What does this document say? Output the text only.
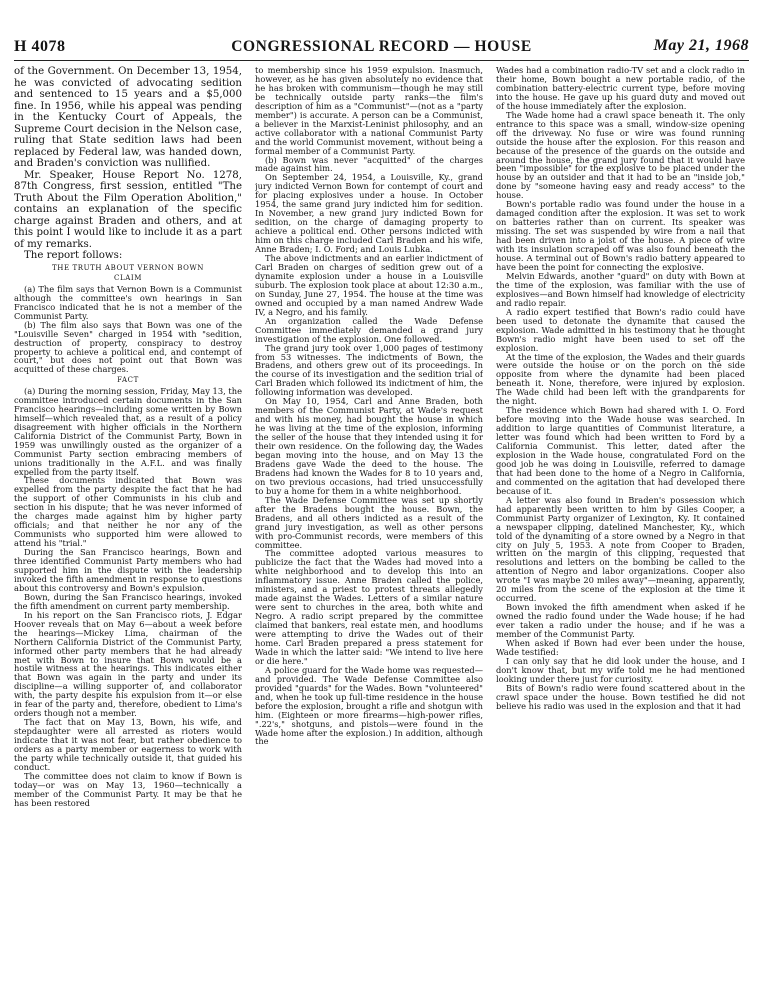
H 4078	CONGRESSIONAL RECORD — HOUSE	May 21, 1968

of the Government. On December 13, 1954, he was convicted of advocating sedition and sentenced to 15 years and a $5,000 fine. In 1956, while his appeal was pending in the Kentucky Court of Appeals, the Supreme Court decision in the Nelson case, ruling that State sedition laws had been replaced by Federal law, was handed down, and Braden's conviction was nullified.

Mr. Speaker, House Report No. 1278, 87th Congress, first session, entitled "The Truth About the Film Operation Abolition," contains an explanation of the specific charge against Braden and others, and at this point I would like to include it as a part of my remarks.

The report follows:

THE TRUTH ABOUT VERNON BOWN
CLAIM

(a) The film says that Vernon Bown is a Communist although the committee's own hearings in San Francisco indicated that he is not a member of the Communist Party.

(b) The film also says that Bown was one of the "Louisville Seven" charged in 1954 with "sedition, destruction of property, conspiracy to destroy property to achieve a political end, and contempt of court," but does not point out that Bown was acquitted of these charges.

FACT

(a) During the morning session, Friday, May 13, the committee introduced certain documents in the San Francisco hearings—including some written by Bown himself—which revealed that, as a result of a policy disagreement with higher officials in the Northern California District of the Communist Party, Bown in 1959 was unwillingly ousted as the organizer of a Communist Party section embracing members of unions traditionally in the A.F.L. and was finally expelled from the party itself.

These documents indicated that Bown was expelled from the party despite the fact that he had the support of other Communists in his club and section in his dispute; that he was never informed of the charges made against him by higher party officials; and that neither he nor any of the Communists who supported him were allowed to attend his "trial."

During the San Francisco hearings, Bown and three identified Communist Party members who had supported him in the dispute with the leadership invoked the fifth amendment in response to questions about this controversy and Bown's expulsion.

Bown, during the San Francisco hearings, invoked the fifth amendment on current party membership.

In his report on the San Francisco riots, J. Edgar Hoover reveals that on May 6—about a week before the hearings—Mickey Lima, chairman of the Northern California District of the Communist Party, informed other party members that he had already met with Bown to insure that Bown would be a hostile witness at the hearings. This indicates either that Bown was again in the party and under its discipline—a willing supporter of, and collaborator with, the party despite his expulsion from it—or else in fear of the party and, therefore, obedient to Lima's orders though not a member.

The fact that on May 13, Bown, his wife, and stepdaughter were all arrested as rioters would indicate that it was not fear, but rather obedience to orders as a party member or eagerness to work with the party while technically outside it, that guided his conduct.

The committee does not claim to know if Bown is today—or was on May 13, 1960—technically a member of the Communist Party. It may be that he has been restored

to membership since his 1959 expulsion. Inasmuch, however, as he has given absolutely no evidence that he has broken with communism—though he may still be technically outside party ranks—the film's description of him as a "Communist"—(not as a "party member") is accurate. A person can be a Communist, a believer in the Marxist-Leninist philosophy, and an active collaborator with a national Communist Party and the world Communist movement, without being a formal member of a Communist Party.

(b) Bown was never "acquitted" of the charges made against him.

On September 24, 1954, a Louisville, Ky., grand jury indicted Vernon Bown for contempt of court and for placing explosives under a house. In October 1954, the same grand jury indicted him for sedition. In November, a new grand jury indicted Bown for sedition, on the charge of damaging property to achieve a political end. Other persons indicted with him on this charge included Carl Braden and his wife, Anne Braden; I. O. Ford; and Louis Lubka.

The above indictments and an earlier indictment of Carl Braden on charges of sedition grew out of a dynamite explosion under a house in a Louisville suburb. The explosion took place at about 12:30 a.m., on Sunday, June 27, 1954. The house at the time was owned and occupied by a man named Andrew Wade IV, a Negro, and his family.

An organization called the Wade Defense Committee immediately demanded a grand jury investigation of the explosion. One followed.

The grand jury took over 1,000 pages of testimony from 53 witnesses. The indictments of Bown, the Bradens, and others grew out of its proceedings. In the course of its investigation and the sedition trial of Carl Braden which followed its indictment of him, the following information was developed.

On May 10, 1954, Carl and Anne Braden, both members of the Communist Party, at Wade's request and with his money, had bought the house in which he was living at the time of the explosion, informing the seller of the house that they intended using it for their own residence. On the following day, the Wades began moving into the house, and on May 13 the Bradens gave Wade the deed to the house. The Bradens had known the Wades for 8 to 10 years and, on two previous occasions, had tried unsuccessfully to buy a home for them in a white neighborhood.

The Wade Defense Committee was set up shortly after the Bradens bought the house. Bown, the Bradens, and all others indicted as a result of the grand jury investigation, as well as other persons with pro-Communist records, were members of this committee.

The committee adopted various measures to publicize the fact that the Wades had moved into a white neighborhood and to develop this into an inflammatory issue. Anne Braden called the police, ministers, and a priest to protest threats allegedly made against the Wades. Letters of a similar nature were sent to churches in the area, both white and Negro. A radio script prepared by the committee claimed that bankers, real estate men, and hoodlums were attempting to drive the Wades out of their home. Carl Braden prepared a press statement for Wade in which the latter said: "We intend to live here or die here."

A police guard for the Wade home was requested—and provided. The Wade Defense Committee also provided "guards" for the Wades. Bown "volunteered" and, when he took up full-time residence in the house before the explosion, brought a rifle and shotgun with him. (Eighteen or more firearms—high-power rifles, ".22's," shotguns, and pistols—were found in the Wade home after the explosion.) In addition, although the

Wades had a combination radio-TV set and a clock radio in their home, Bown bought a new portable radio, of the combination battery-electric current type, before moving into the house. He gave up his guard duty and moved out of the house immediately after the explosion.

The Wade home had a crawl space beneath it. The only entrance to this space was a small, window-size opening off the driveway. No fuse or wire was found running outside the house after the explosion. For this reason and because of the presence of the guards on the outside and around the house, the grand jury found that it would have been "impossible" for the explosive to be placed under the house by an outsider and that it had to be an "inside job," done by "someone having easy and ready access" to the house.

Bown's portable radio was found under the house in a damaged condition after the explosion. It was set to work on batteries rather than on current. Its speaker was missing. The set was suspended by wire from a nail that had been driven into a joist of the house. A piece of wire with its insulation scraped off was also found beneath the house. A terminal out of Bown's radio battery appeared to have been the point for connecting the explosive.

Melvin Edwards, another "guard" on duty with Bown at the time of the explosion, was familiar with the use of explosives—and Bown himself had knowledge of electricity and radio repair.

A radio expert testified that Bown's radio could have been used to detonate the dynamite that caused the explosion. Wade admitted in his testimony that he thought Bown's radio might have been used to set off the explosion.

At the time of the explosion, the Wades and their guards were outside the house or on the porch on the side opposite from where the dynamite had been placed beneath it. None, therefore, were injured by explosion. The Wade child had been left with the grandparents for the night.

The residence which Bown had shared with I. O. Ford before moving into the Wade house was searched. In addition to large quantities of Communist literature, a letter was found which had been written to Ford by a California Communist. This letter, dated after the explosion in the Wade house, congratulated Ford on the good job he was doing in Louisville, referred to damage that had been done to the home of a Negro in California, and commented on the agitation that had developed there because of it.

A letter was also found in Braden's possession which had apparently been written to him by Giles Cooper, a Communist Party organizer of Lexington, Ky. It contained a newspaper clipping, datelined Manchester, Ky., which told of the dynamiting of a store owned by a Negro in that city on July 5, 1953. A note from Cooper to Braden, written on the margin of this clipping, requested that resolutions and letters on the bombing be called to the attention of Negro and labor organizations. Cooper also wrote "I was maybe 20 miles away"—meaning, apparently, 20 miles from the scene of the explosion at the time it occurred.

Bown invoked the fifth amendment when asked if he owned the radio found under the Wade house; if he had ever taken a radio under the house; and if he was a member of the Communist Party.

When asked if Bown had ever been under the house, Wade testified:

I can only say that he did look under the house, and I don't know that, but my wife told me he had mentioned looking under there just for curiosity.

Bits of Bown's radio were found scattered about in the crawl space under the house. Bown testified he did not believe his radio was used in the explosion and that it had
